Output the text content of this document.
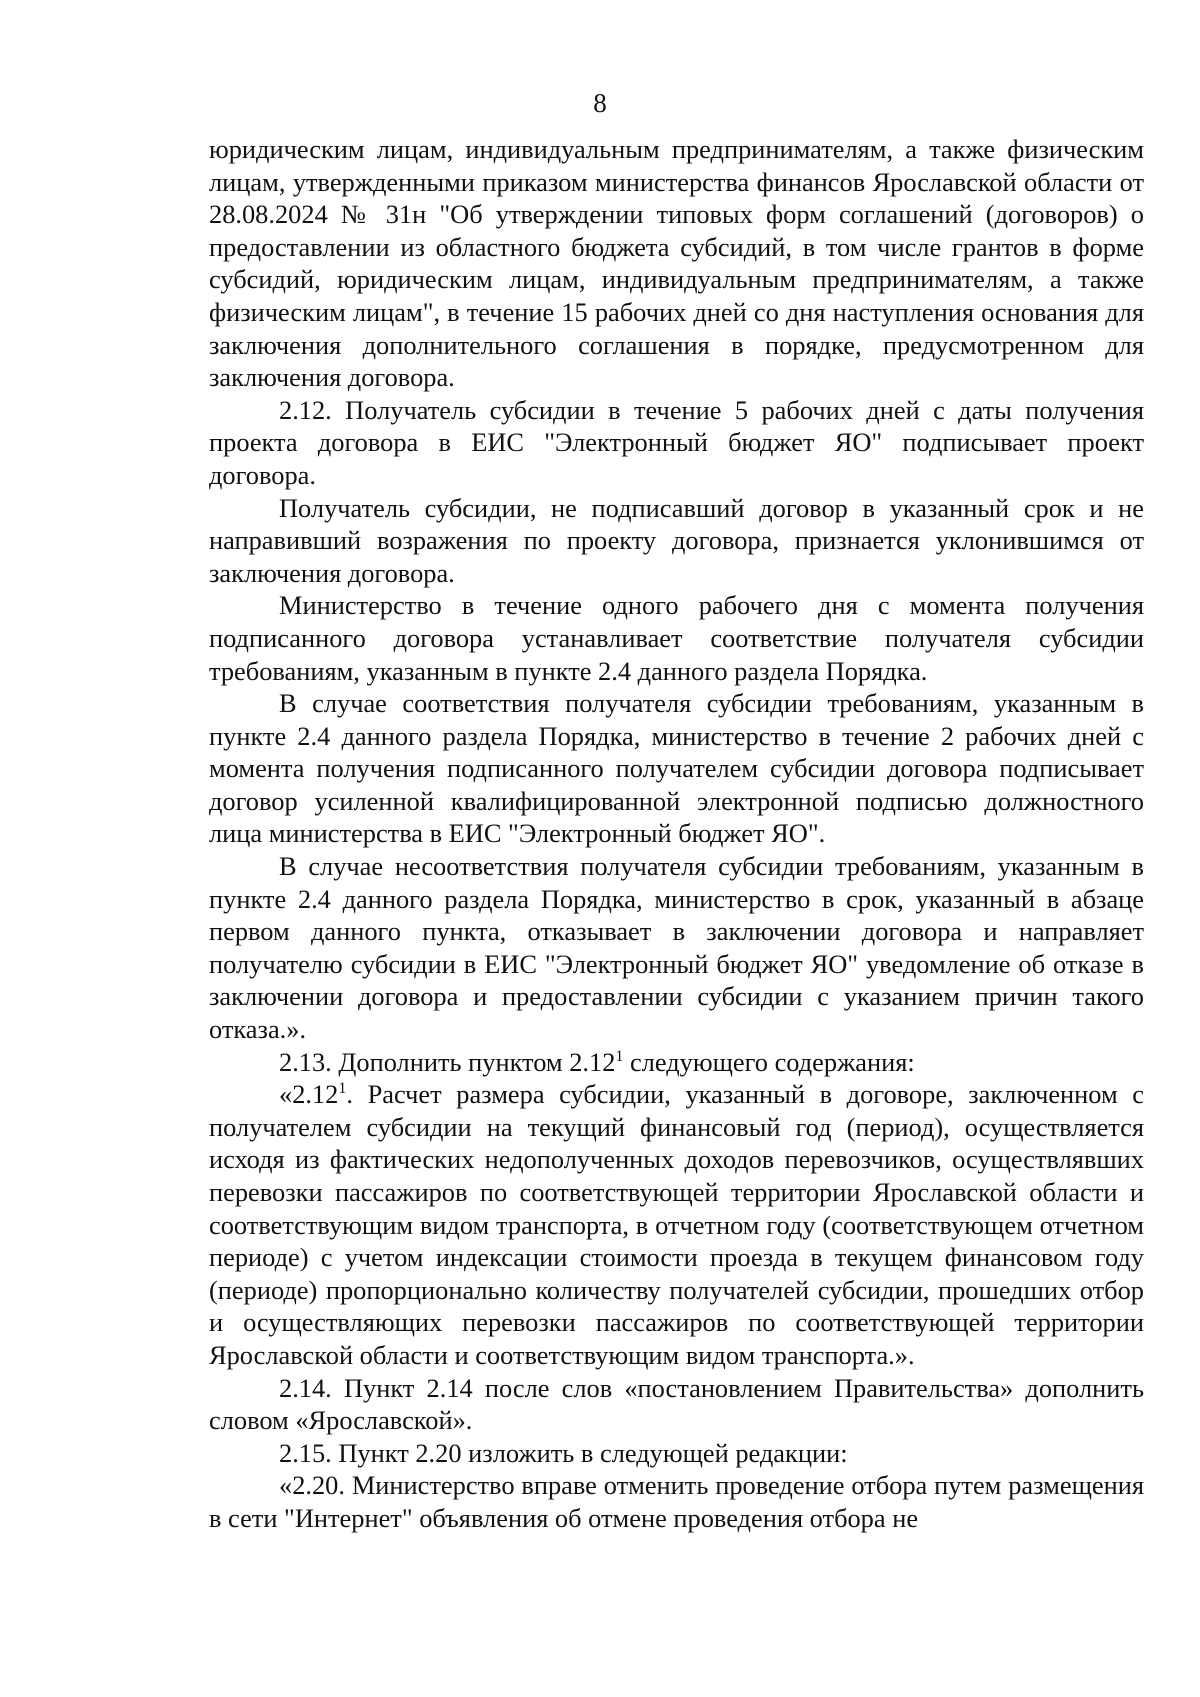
8

юридическим лицам, индивидуальным предпринимателям, а также физическим лицам, утвержденными приказом министерства финансов Ярославской области от 28.08.2024 № 31н "Об утверждении типовых форм соглашений (договоров) о предоставлении из областного бюджета субсидий, в том числе грантов в форме субсидий, юридическим лицам, индивидуальным предпринимателям, а также физическим лицам", в течение 15 рабочих дней со дня наступления основания для заключения дополнительного соглашения в порядке, предусмотренном для заключения договора.

2.12. Получатель субсидии в течение 5 рабочих дней с даты получения проекта договора в ЕИС "Электронный бюджет ЯО" подписывает проект договора.

Получатель субсидии, не подписавший договор в указанный срок и не направивший возражения по проекту договора, признается уклонившимся от заключения договора.

Министерство в течение одного рабочего дня с момента получения подписанного договора устанавливает соответствие получателя субсидии требованиям, указанным в пункте 2.4 данного раздела Порядка.

В случае соответствия получателя субсидии требованиям, указанным в пункте 2.4 данного раздела Порядка, министерство в течение 2 рабочих дней с момента получения подписанного получателем субсидии договора подписывает договор усиленной квалифицированной электронной подписью должностного лица министерства в ЕИС "Электронный бюджет ЯО".

В случае несоответствия получателя субсидии требованиям, указанным в пункте 2.4 данного раздела Порядка, министерство в срок, указанный в абзаце первом данного пункта, отказывает в заключении договора и направляет получателю субсидии в ЕИС "Электронный бюджет ЯО" уведомление об отказе в заключении договора и предоставлении субсидии с указанием причин такого отказа.».

2.13. Дополнить пунктом 2.12$^1$ следующего содержания:

«2.12$^1$. Расчет размера субсидии, указанный в договоре, заключенном с получателем субсидии на текущий финансовый год (период), осуществляется исходя из фактических недополученных доходов перевозчиков, осуществлявших перевозки пассажиров по соответствующей территории Ярославской области и соответствующим видом транспорта, в отчетном году (соответствующем отчетном периоде) с учетом индексации стоимости проезда в текущем финансовом году (периоде) пропорционально количеству получателей субсидии, прошедших отбор и осуществляющих перевозки пассажиров по соответствующей территории Ярославской области и соответствующим видом транспорта.».

2.14. Пункт 2.14 после слов «постановлением Правительства» дополнить словом «Ярославской».

2.15. Пункт 2.20 изложить в следующей редакции:

«2.20. Министерство вправе отменить проведение отбора путем размещения в сети "Интернет" объявления об отмене проведения отбора не
